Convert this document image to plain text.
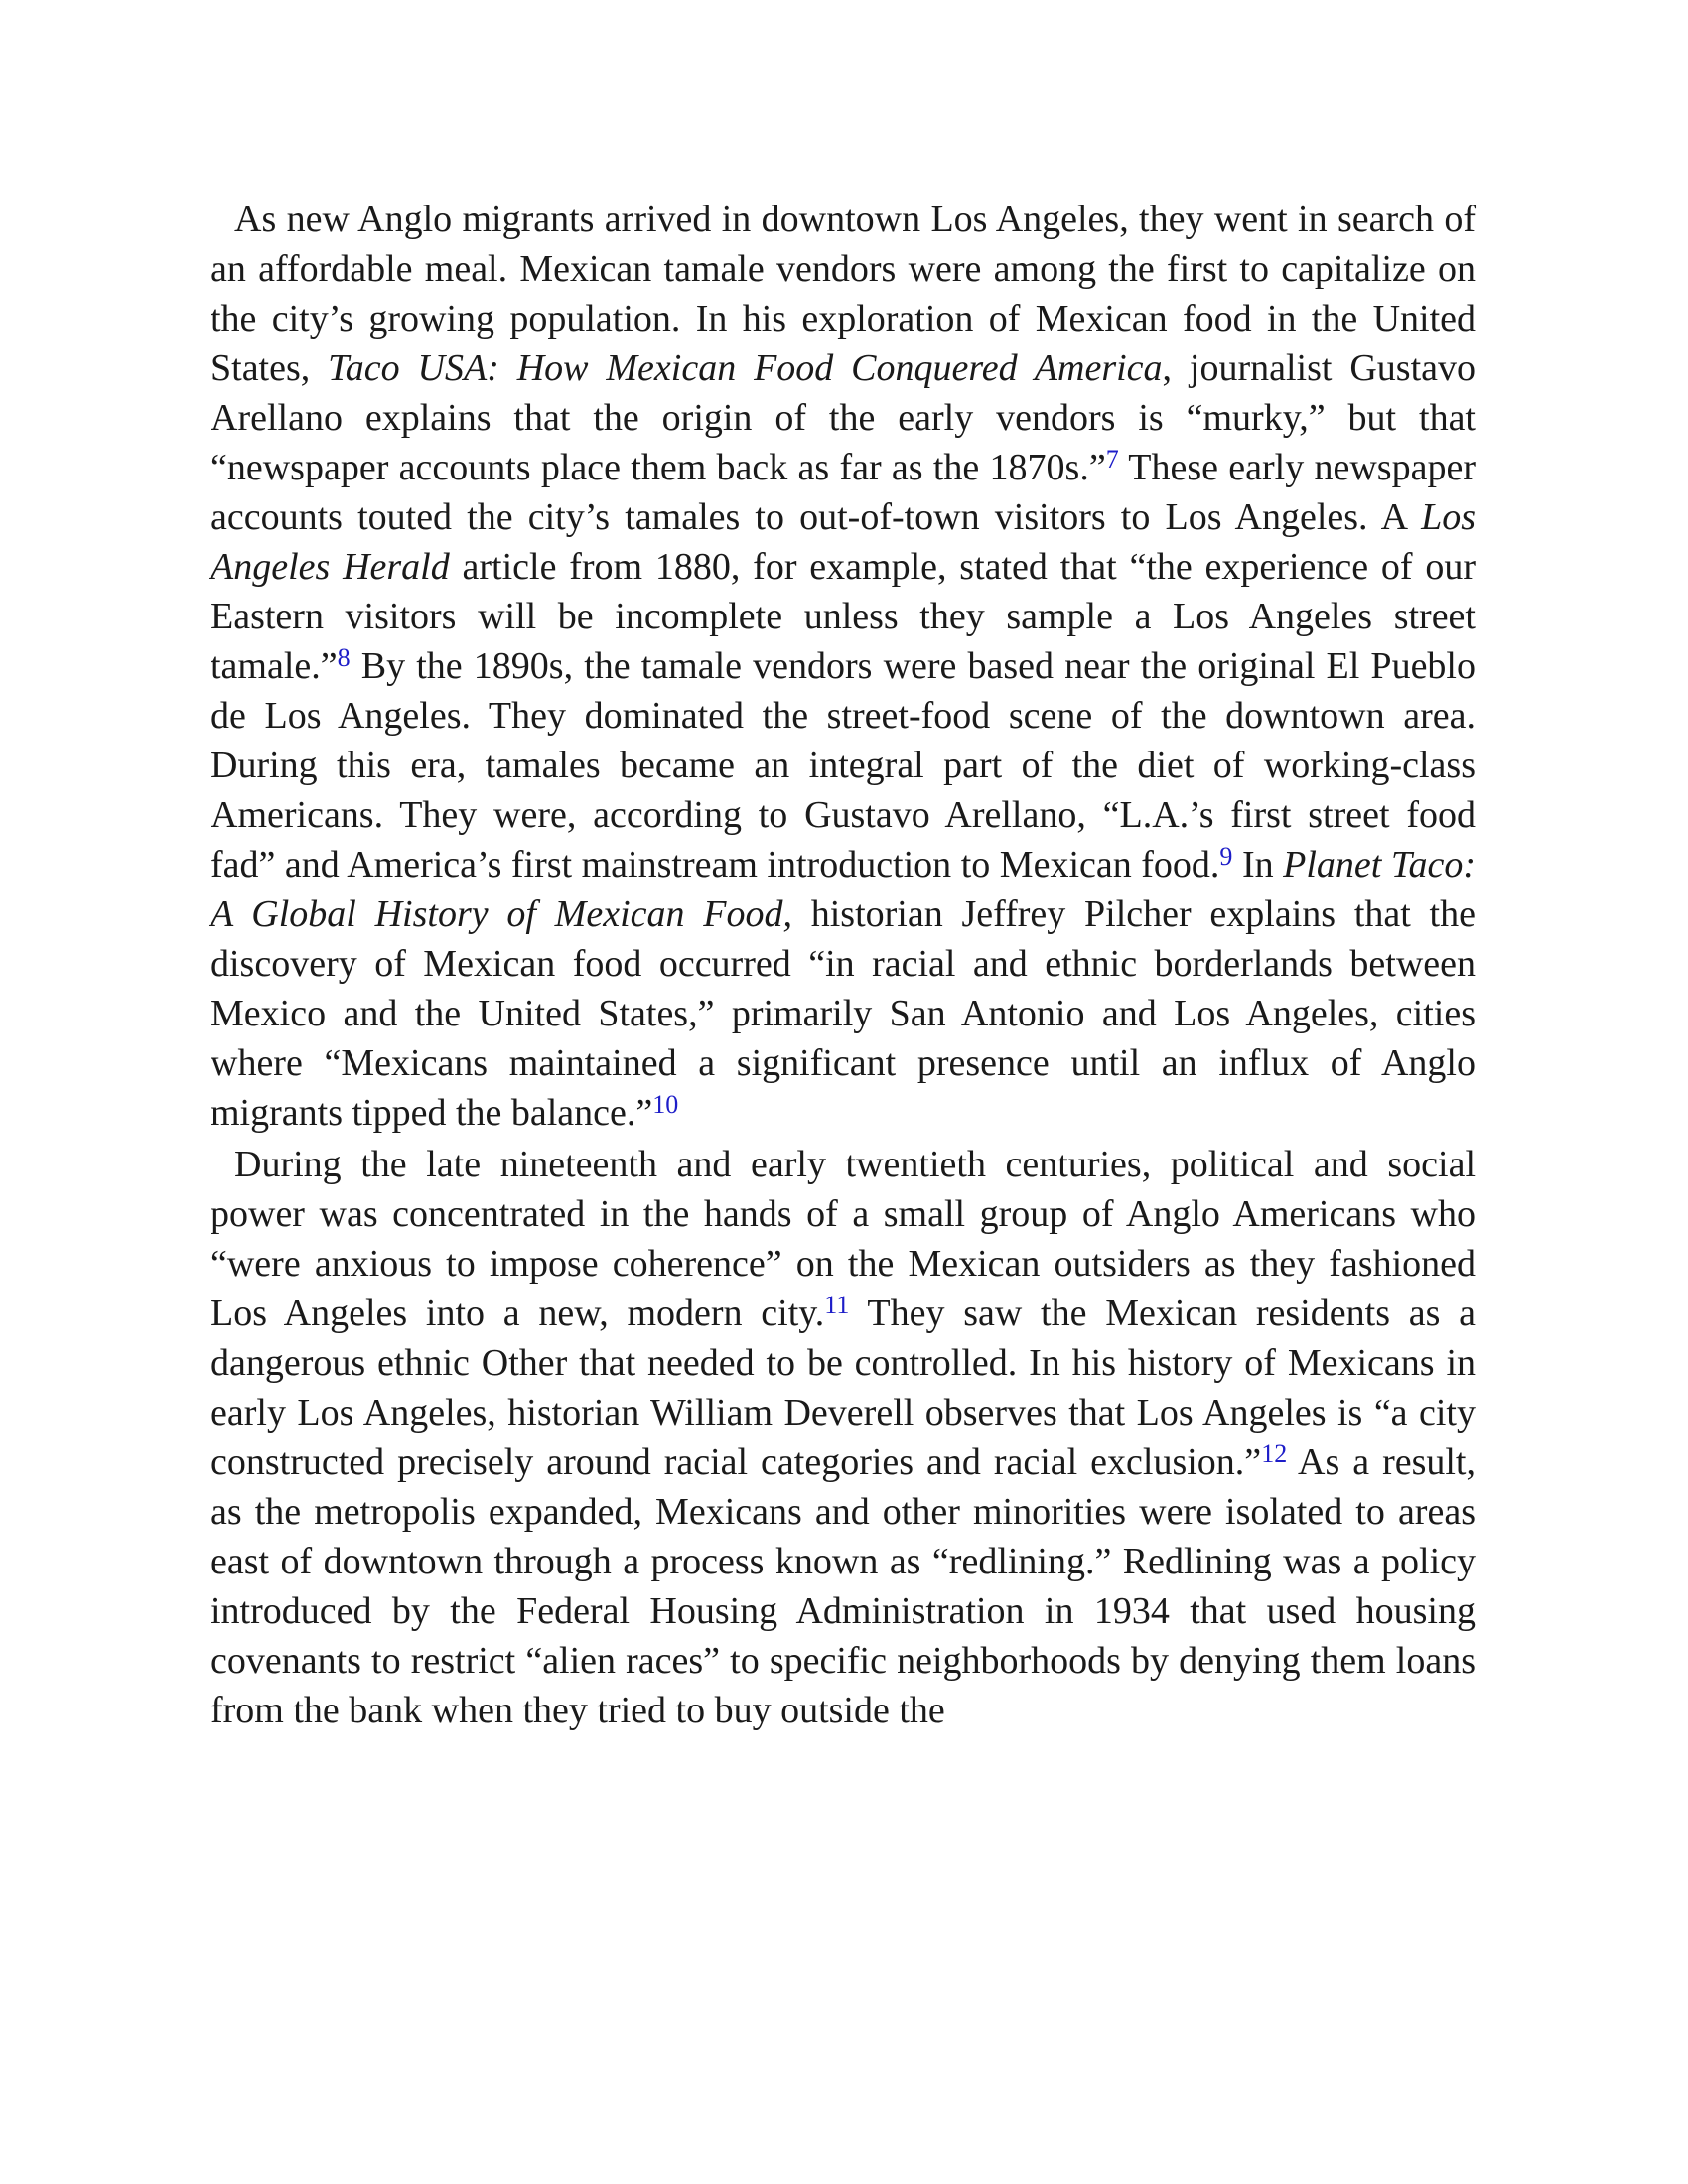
As new Anglo migrants arrived in downtown Los Angeles, they went in search of an affordable meal. Mexican tamale vendors were among the first to capitalize on the city’s growing population. In his exploration of Mexican food in the United States, Taco USA: How Mexican Food Conquered America, journalist Gustavo Arellano explains that the origin of the early vendors is “murky,” but that “newspaper accounts place them back as far as the 1870s.”$^7$ These early newspaper accounts touted the city’s tamales to out-of-town visitors to Los Angeles. A Los Angeles Herald article from 1880, for example, stated that “the experience of our Eastern visitors will be incomplete unless they sample a Los Angeles street tamale.”$^8$ By the 1890s, the tamale vendors were based near the original El Pueblo de Los Angeles. They dominated the street-food scene of the downtown area. During this era, tamales became an integral part of the diet of working-class Americans. They were, according to Gustavo Arellano, “L.A.’s first street food fad” and America’s first mainstream introduction to Mexican food.$^9$ In Planet Taco: A Global History of Mexican Food, historian Jeffrey Pilcher explains that the discovery of Mexican food occurred “in racial and ethnic borderlands between Mexico and the United States,” primarily San Antonio and Los Angeles, cities where “Mexicans maintained a significant presence until an influx of Anglo migrants tipped the balance.”$^{10}$

During the late nineteenth and early twentieth centuries, political and social power was concentrated in the hands of a small group of Anglo Americans who “were anxious to impose coherence” on the Mexican outsiders as they fashioned Los Angeles into a new, modern city.$^{11}$ They saw the Mexican residents as a dangerous ethnic Other that needed to be controlled. In his history of Mexicans in early Los Angeles, historian William Deverell observes that Los Angeles is “a city constructed precisely around racial categories and racial exclusion.”$^{12}$ As a result, as the metropolis expanded, Mexicans and other minorities were isolated to areas east of downtown through a process known as “redlining.” Redlining was a policy introduced by the Federal Housing Administration in 1934 that used housing covenants to restrict “alien races” to specific neighborhoods by denying them loans from the bank when they tried to buy outside the
